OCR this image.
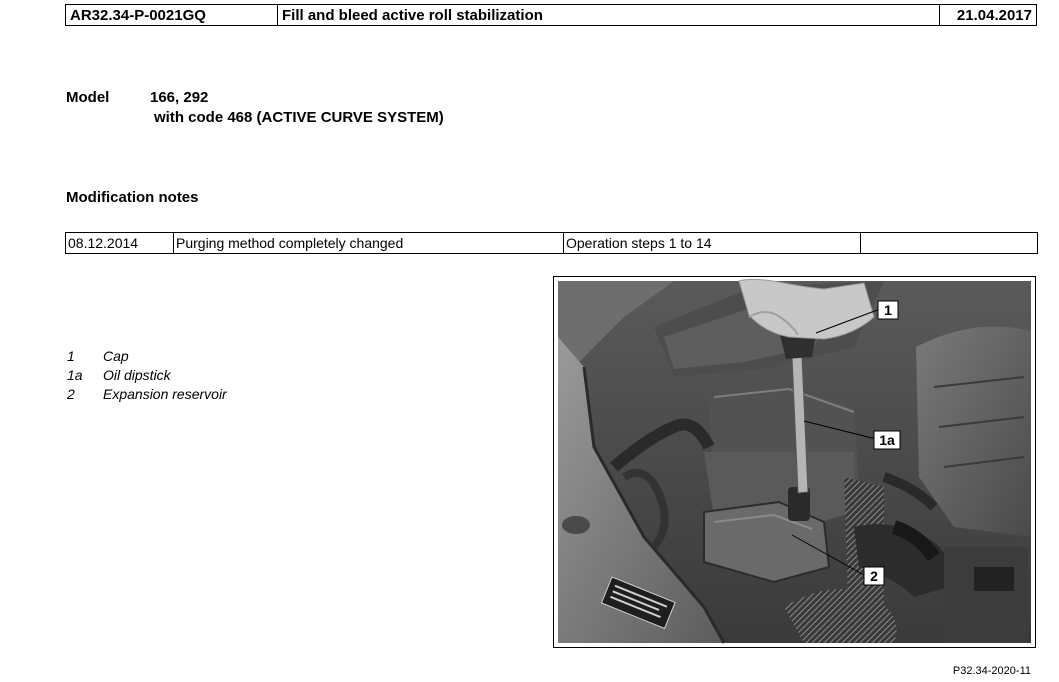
AR32.34-P-0021GQ	Fill and bleed active roll stabilization	21.04.2017
Model	166, 292
with code 468 (ACTIVE CURVE SYSTEM)
Modification notes
08.12.2014	Purging method completely changed	Operation steps 1 to 14	
1 Cap
1a Oil dipstick
2 Expansion reservoir
1
1a
2
P32.34-2020-11
